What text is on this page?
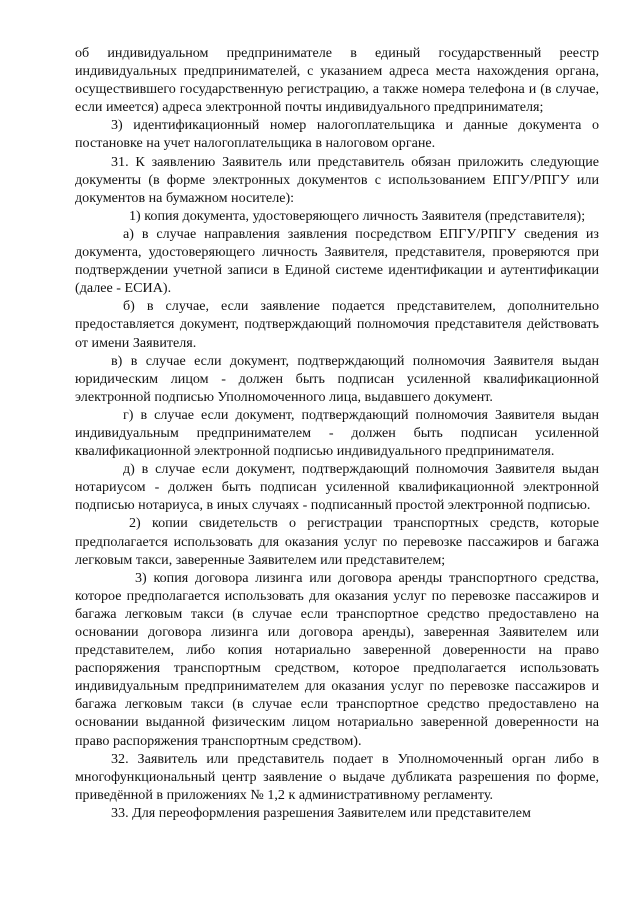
об индивидуальном предпринимателе в единый государственный реестр индивидуальных предпринимателей, с указанием адреса места нахождения органа, осуществившего государственную регистрацию, а также номера телефона и (в случае, если имеется) адреса электронной почты индивидуального предпринимателя;

3) идентификационный номер налогоплательщика и данные документа о постановке на учет налогоплательщика в налоговом органе.

31. К заявлению Заявитель или представитель обязан приложить следующие документы (в форме электронных документов с использованием ЕПГУ/РПГУ или документов на бумажном носителе):

1) копия документа, удостоверяющего личность Заявителя (представителя);

а) в случае направления заявления посредством ЕПГУ/РПГУ сведения из документа, удостоверяющего личность Заявителя, представителя, проверяются при подтверждении учетной записи в Единой системе идентификации и аутентификации (далее - ЕСИА).

б) в случае, если заявление подается представителем, дополнительно предоставляется документ, подтверждающий полномочия представителя действовать от имени Заявителя.

в) в случае если документ, подтверждающий полномочия Заявителя выдан юридическим лицом - должен быть подписан усиленной квалификационной электронной подписью Уполномоченного лица, выдавшего документ.

г) в случае если документ, подтверждающий полномочия Заявителя выдан индивидуальным предпринимателем - должен быть подписан усиленной квалификационной электронной подписью индивидуального предпринимателя.

д) в случае если документ, подтверждающий полномочия Заявителя выдан нотариусом - должен быть подписан усиленной квалификационной электронной подписью нотариуса, в иных случаях - подписанный простой электронной подписью.

2) копии свидетельств о регистрации транспортных средств, которые предполагается использовать для оказания услуг по перевозке пассажиров и багажа легковым такси, заверенные Заявителем или представителем;

3) копия договора лизинга или договора аренды транспортного средства, которое предполагается использовать для оказания услуг по перевозке пассажиров и багажа легковым такси (в случае если транспортное средство предоставлено на основании договора лизинга или договора аренды), заверенная Заявителем или представителем, либо копия нотариально заверенной доверенности на право распоряжения транспортным средством, которое предполагается использовать индивидуальным предпринимателем для оказания услуг по перевозке пассажиров и багажа легковым такси (в случае если транспортное средство предоставлено на основании выданной физическим лицом нотариально заверенной доверенности на право распоряжения транспортным средством).

32. Заявитель или представитель подает в Уполномоченный орган либо в многофункциональный центр заявление о выдаче дубликата разрешения по форме, приведённой в приложениях № 1,2 к административному регламенту.

33. Для переоформления разрешения Заявителем или представителем
